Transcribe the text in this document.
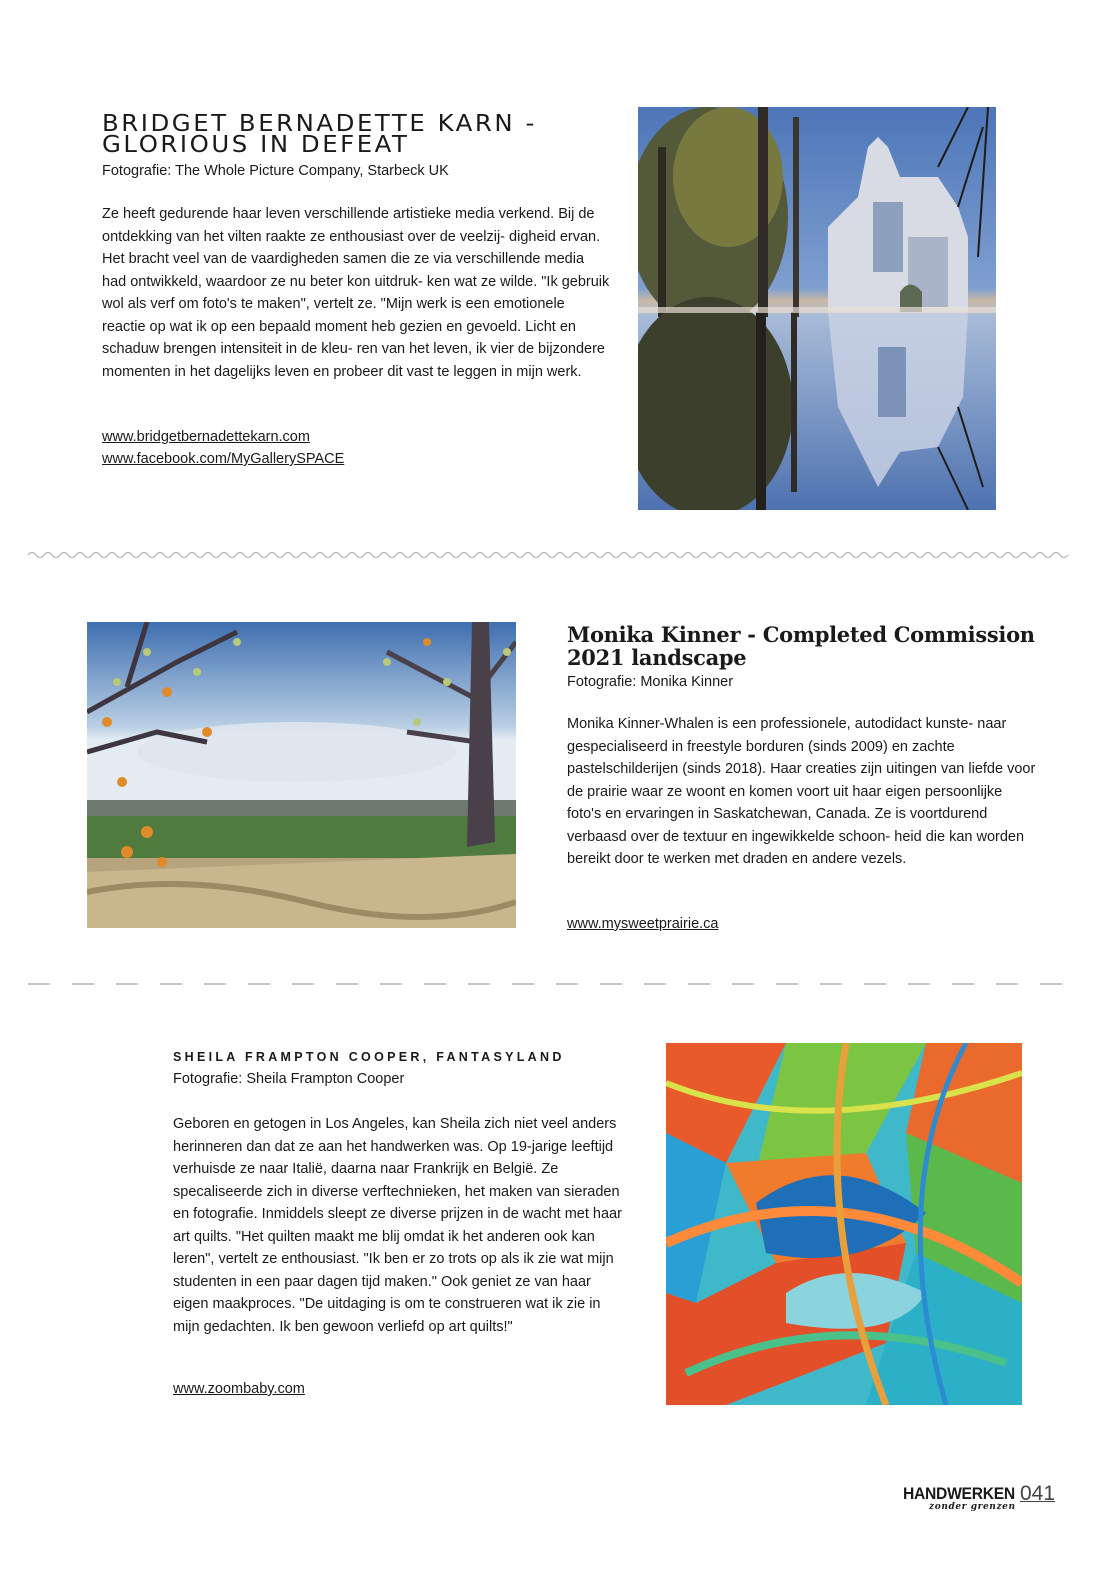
BRIDGET BERNADETTE KARN - GLORIOUS IN DEFEAT

Fotografie: The Whole Picture Company, Starbeck UK

Ze heeft gedurende haar leven verschillende artistieke media verkend. Bij de ontdekking van het vilten raakte ze enthousiast over de veelzij- digheid ervan. Het bracht veel van de vaardigheden samen die ze via verschillende media had ontwikkeld, waardoor ze nu beter kon uitdruk- ken wat ze wilde. "Ik gebruik wol als verf om foto's te maken", vertelt ze. "Mijn werk is een emotionele reactie op wat ik op een bepaald moment heb gezien en gevoeld. Licht en schaduw brengen intensiteit in de kleu- ren van het leven, ik vier de bijzondere momenten in het dagelijks leven en probeer dit vast te leggen in mijn werk.

www.bridgetbernadettekarn.com
www.facebook.com/MyGallerySPACE
Monika Kinner - Completed Commission 2021 landscape

Fotografie: Monika Kinner

Monika Kinner-Whalen is een professionele, autodidact kunste- naar gespecialiseerd in freestyle borduren (sinds 2009) en zachte pastelschilderijen (sinds 2018). Haar creaties zijn uitingen van liefde voor de prairie waar ze woont en komen voort uit haar eigen persoonlijke foto's en ervaringen in Saskatchewan, Canada. Ze is voortdurend verbaasd over de textuur en ingewikkelde schoon- heid die kan worden bereikt door te werken met draden en andere vezels.

www.mysweetprairie.ca
SHEILA FRAMPTON COOPER, FANTASYLAND

Fotografie: Sheila Frampton Cooper

Geboren en getogen in Los Angeles, kan Sheila zich niet veel anders herinneren dan dat ze aan het handwerken was. Op 19-jarige leeftijd verhuisde ze naar Italië, daarna naar Frankrijk en België. Ze specaliseerde zich in diverse verftechnieken, het maken van sieraden en fotografie. Inmiddels sleept ze diverse prijzen in de wacht met haar art quilts. "Het quilten maakt me blij omdat ik het anderen ook kan leren", vertelt ze enthousiast. "Ik ben er zo trots op als ik zie wat mijn studenten in een paar dagen tijd maken." Ook geniet ze van haar eigen maakproces. "De uitdaging is om te construeren wat ik zie in mijn gedachten. Ik ben gewoon verliefd op art quilts!"

www.zoombaby.com
HANDWERKEN
zonder grenzen
041
